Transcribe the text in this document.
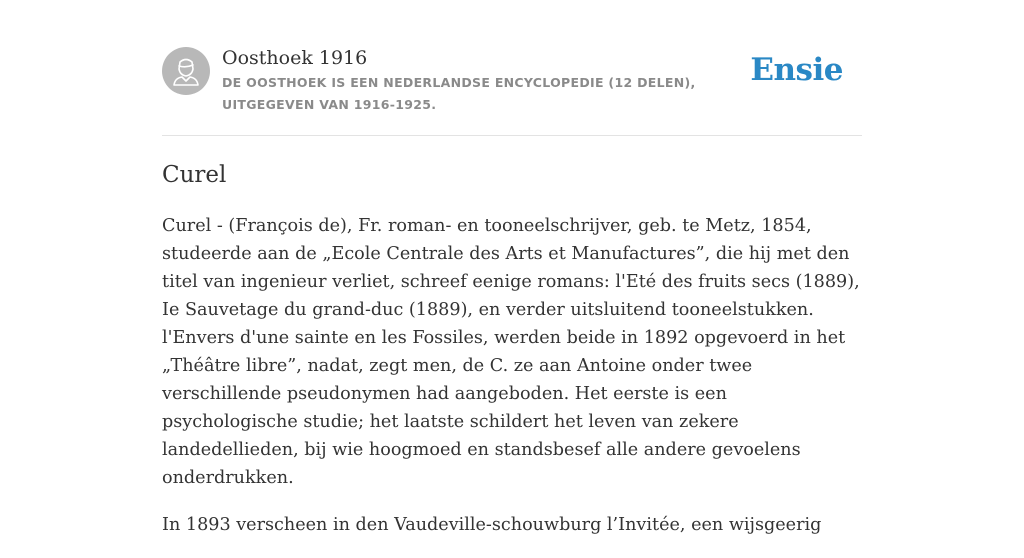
Oosthoek 1916
DE OOSTHOEK IS EEN NEDERLANDSE ENCYCLOPEDIE (12 DELEN), UITGEGEVEN VAN 1916-1925.
Ensie
Curel

Curel - (François de), Fr. roman- en tooneelschrijver, geb. te Metz, 1854, studeerde aan de „Ecole Centrale des Arts et Manufactures”, die hij met den titel van ingenieur verliet, schreef eenige romans: l'Eté des fruits secs (1889), Ie Sauvetage du grand-duc (1889), en verder uitsluitend tooneelstukken. l'Envers d'une sainte en les Fossiles, werden beide in 1892 opgevoerd in het „Théâtre libre”, nadat, zegt men, de C. ze aan Antoine onder twee verschillende pseudonymen had aangeboden. Het eerste is een psychologische studie; het laatste schildert het leven van zekere landedellieden, bij wie hoogmoed en standsbesef alle andere gevoelens onderdrukken.

In 1893 verscheen in den Vaudeville-schouwburg l’Invitée, een wijsgeerig
